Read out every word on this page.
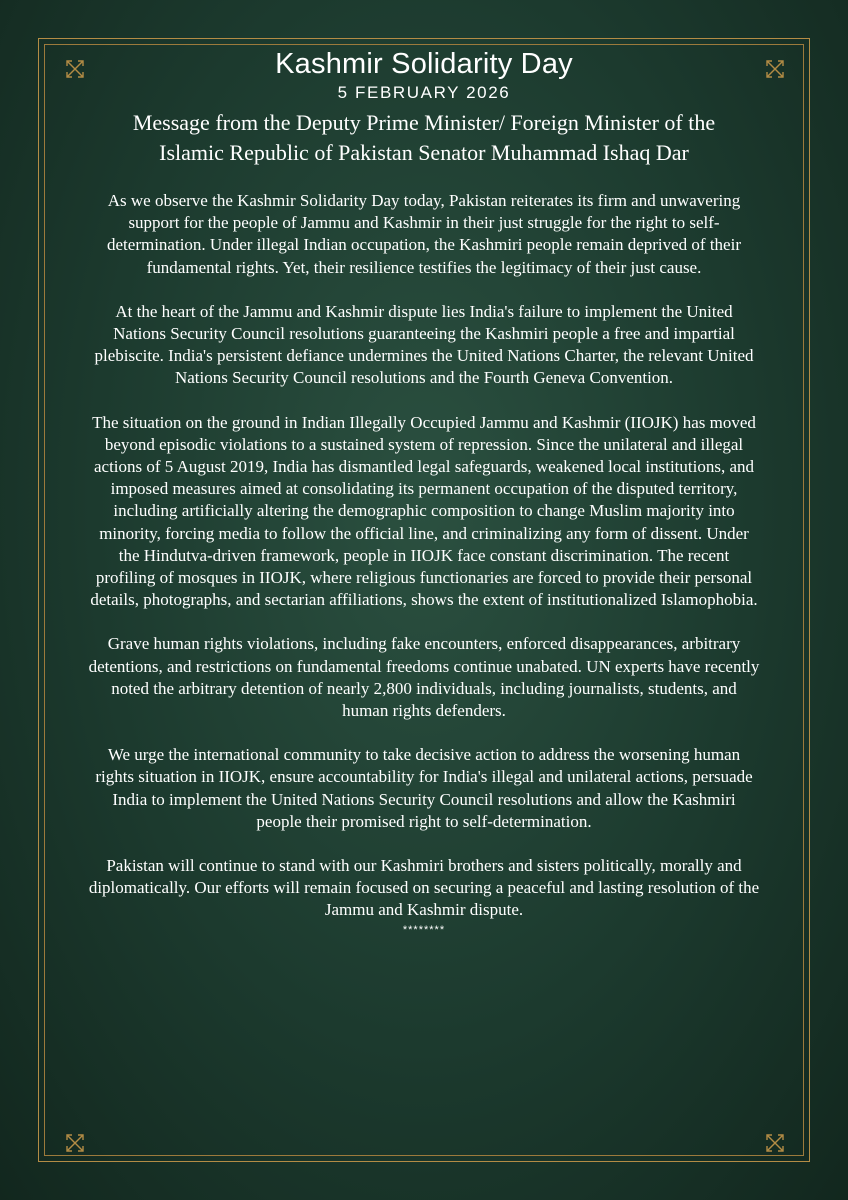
Kashmir Solidarity Day
5 FEBRUARY 2026
Message from the Deputy Prime Minister/ Foreign Minister of the
Islamic Republic of Pakistan Senator Muhammad Ishaq Dar

As we observe the Kashmir Solidarity Day today, Pakistan reiterates its firm and unwavering support for the people of Jammu and Kashmir in their just struggle for the right to self-determination. Under illegal Indian occupation, the Kashmiri people remain deprived of their fundamental rights. Yet, their resilience testifies the legitimacy of their just cause.

At the heart of the Jammu and Kashmir dispute lies India's failure to implement the United Nations Security Council resolutions guaranteeing the Kashmiri people a free and impartial plebiscite. India's persistent defiance undermines the United Nations Charter, the relevant United Nations Security Council resolutions and the Fourth Geneva Convention.

The situation on the ground in Indian Illegally Occupied Jammu and Kashmir (IIOJK) has moved beyond episodic violations to a sustained system of repression. Since the unilateral and illegal actions of 5 August 2019, India has dismantled legal safeguards, weakened local institutions, and imposed measures aimed at consolidating its permanent occupation of the disputed territory, including artificially altering the demographic composition to change Muslim majority into minority, forcing media to follow the official line, and criminalizing any form of dissent. Under the Hindutva-driven framework, people in IIOJK face constant discrimination. The recent profiling of mosques in IIOJK, where religious functionaries are forced to provide their personal details, photographs, and sectarian affiliations, shows the extent of institutionalized Islamophobia.

Grave human rights violations, including fake encounters, enforced disappearances, arbitrary detentions, and restrictions on fundamental freedoms continue unabated. UN experts have recently noted the arbitrary detention of nearly 2,800 individuals, including journalists, students, and human rights defenders.

We urge the international community to take decisive action to address the worsening human rights situation in IIOJK, ensure accountability for India's illegal and unilateral actions, persuade India to implement the United Nations Security Council resolutions and allow the Kashmiri people their promised right to self-determination.

Pakistan will continue to stand with our Kashmiri brothers and sisters politically, morally and diplomatically. Our efforts will remain focused on securing a peaceful and lasting resolution of the Jammu and Kashmir dispute.

********
